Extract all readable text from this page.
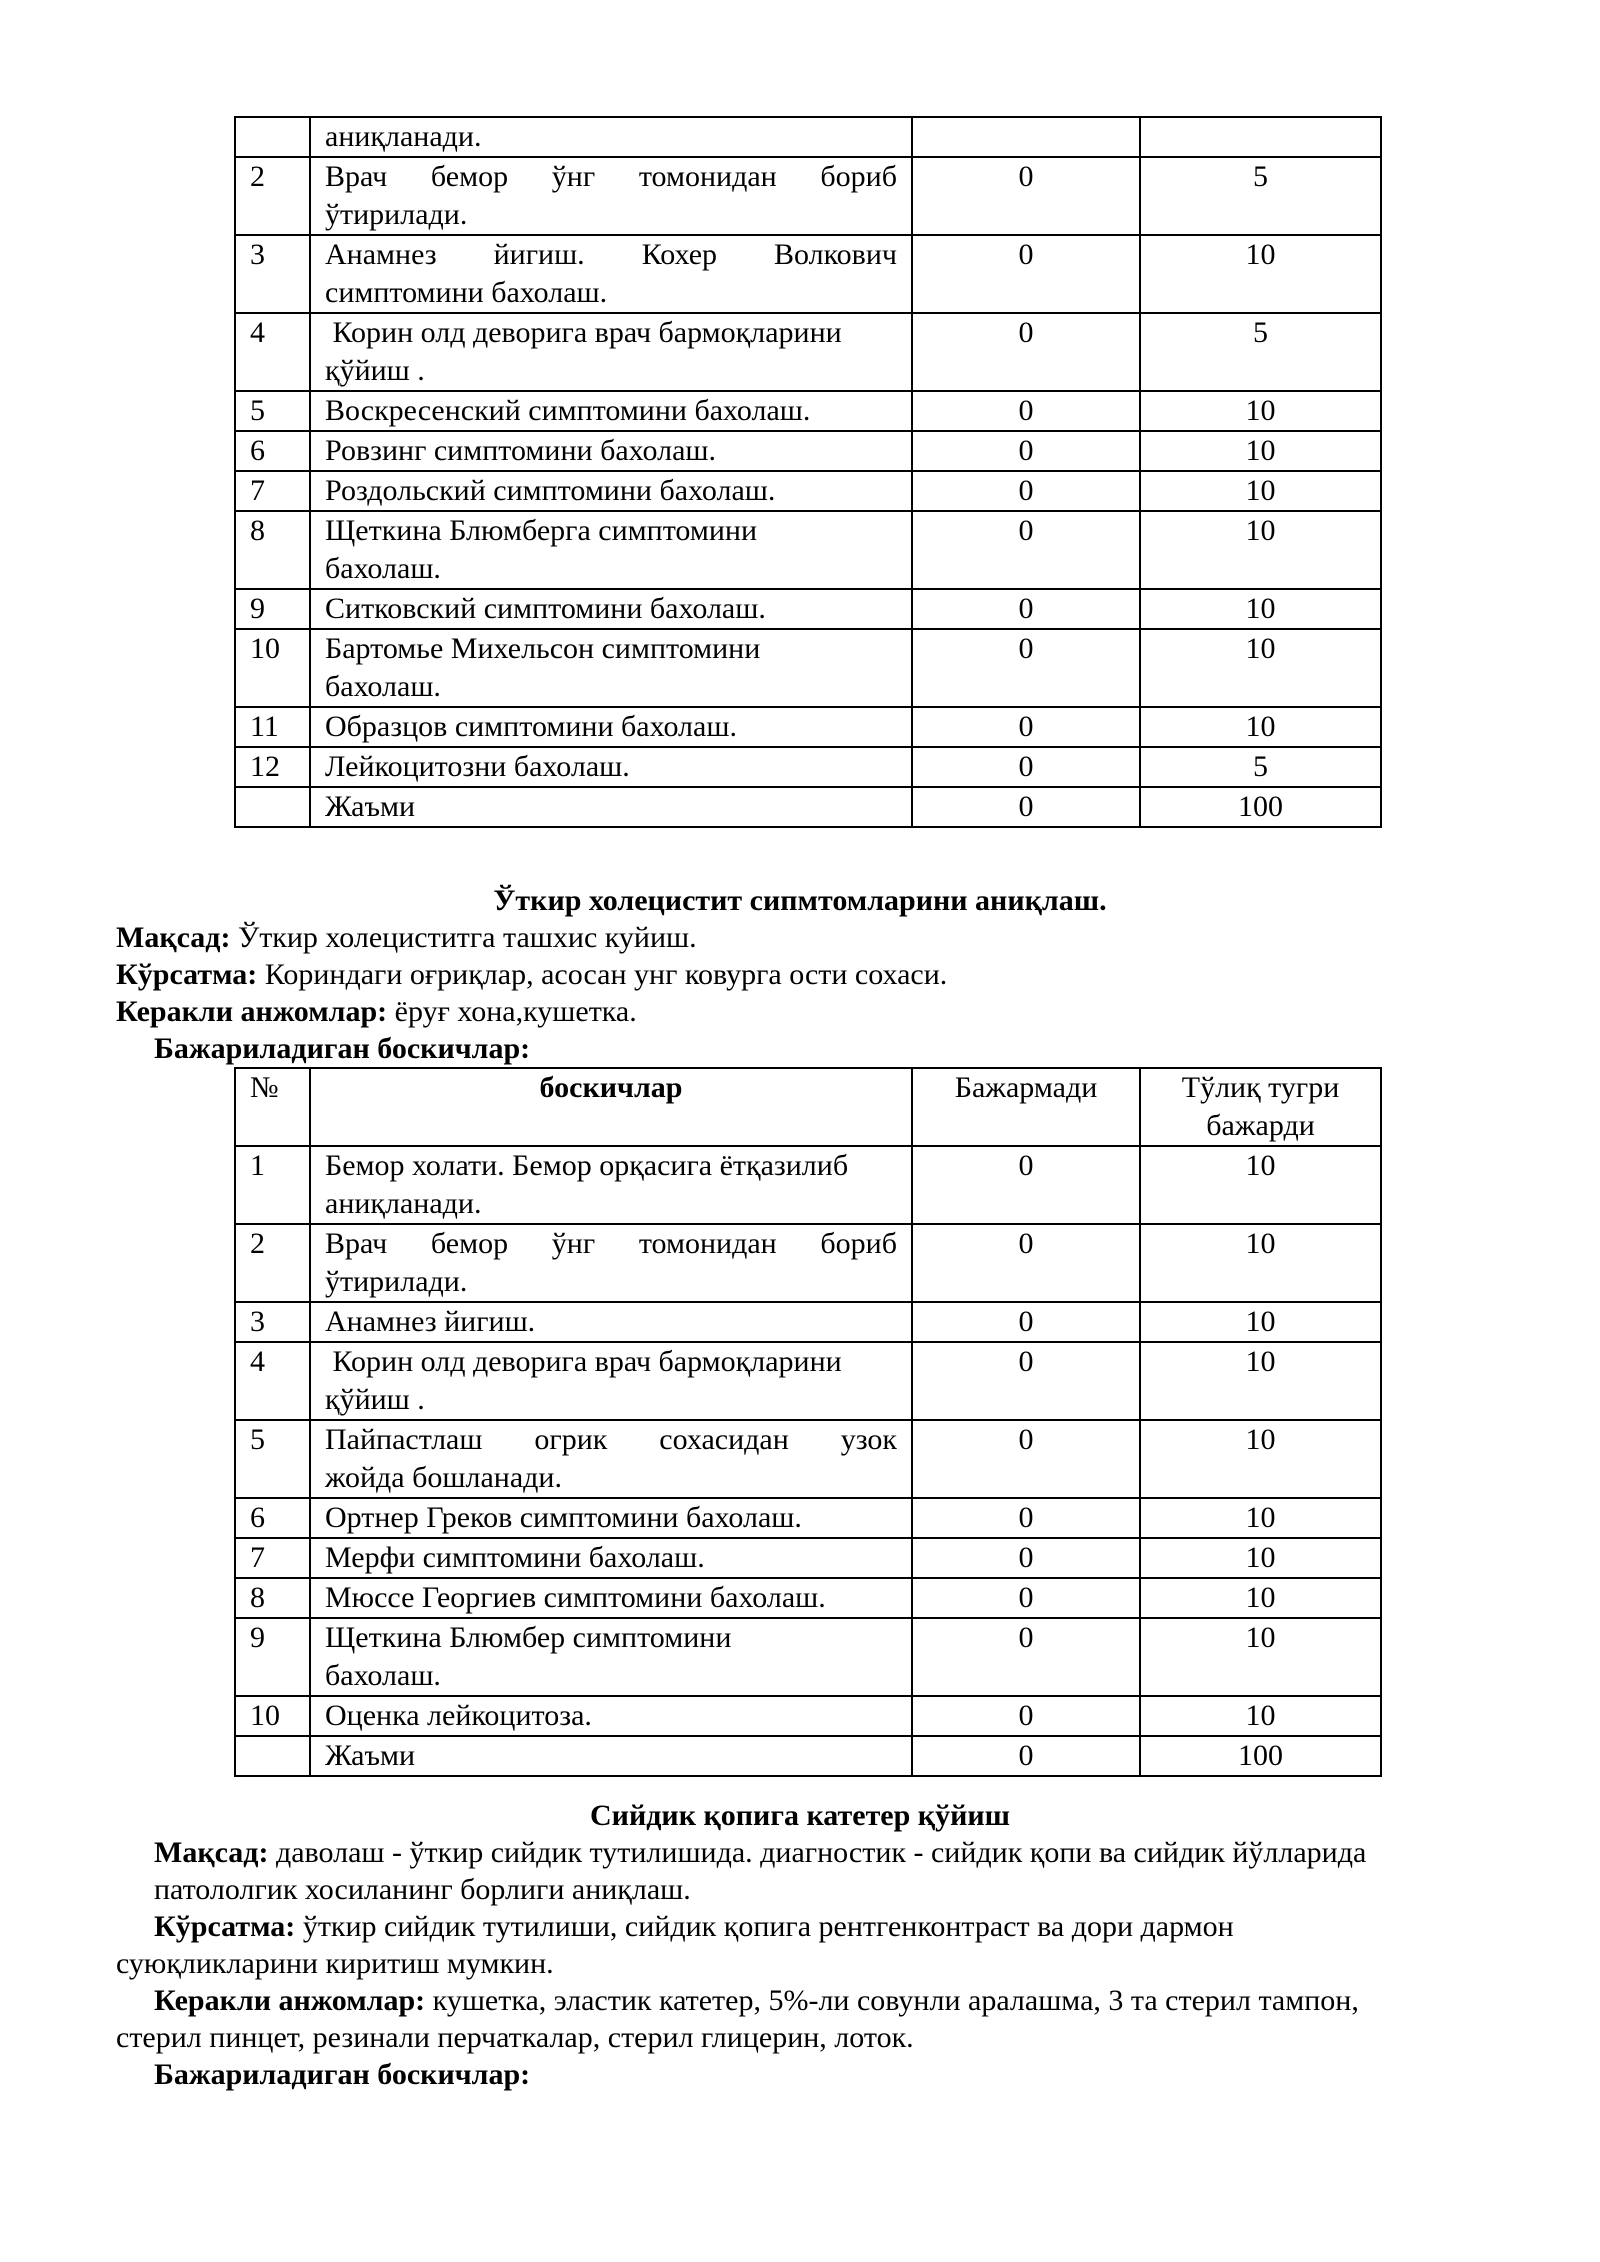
	аниқланади.		
2	Врач бемор ўнг томонидан бориб
ўтирилади.	0	5
3	Анамнез йигиш. Кохер Волкович
симптомини бахолаш.	0	10
4	Корин олд деворига врач бармоқларини
қўйиш .	0	5
5	Воскресенский симптомини бахолаш.	0	10
6	Ровзинг симптомини бахолаш.	0	10
7	Роздольский симптомини бахолаш.	0	10
8	Щеткина Блюмберга симптомини
бахолаш.	0	10
9	Ситковский симптомини бахолаш.	0	10
10	Бартомье Михельсон симптомини
бахолаш.	0	10
11	Образцов симптомини бахолаш.	0	10
12	Лейкоцитозни бахолаш.	0	5
	Жаъми	0	100
Ўткир холецистит сипмтомларини аниқлаш.
Мақсад: Ўткир холециститга ташхис куйиш.
Кўрсатма: Кориндаги оғриқлар, асосан унг ковурга ости сохаси.
Керакли анжомлар: ёруғ хона,кушетка.
Бажариладиган боскичлар:
№	боскичлар	Бажармади	Тўлиқ тугри
бажарди

1	Бемор холати. Бемор орқасига ётқазилиб
аниқланади.	0	10
2	Врач бемор ўнг томонидан бориб
ўтирилади.	0	10
3	Анамнез йигиш.	0	10
4	Корин олд деворига врач бармоқларини
қўйиш .	0	10
5	Пайпастлаш огрик сохасидан узок
жойда бошланади.	0	10
6	Ортнер Греков симптомини бахолаш.	0	10
7	Мерфи симптомини бахолаш.	0	10
8	Мюссе Георгиев симптомини бахолаш.	0	10
9	Щеткина Блюмбер симптомини
бахолаш.	0	10
10	Оценка лейкоцитоза.	0	10
	Жаъми	0	100
Сийдик қопига катетер қўйиш
Мақсад: даволаш - ўткир сийдик тутилишида. диагностик - сийдик қопи ва сийдик йўлларида
патололгик хосиланинг борлиги аниқлаш.
Кўрсатма: ўткир сийдик тутилиши, сийдик қопига рентгенконтраст ва дори дармон
суюқликларини киритиш мумкин.
Керакли анжомлар: кушетка, эластик катетер, 5%-ли совунли аралашма, 3 та стерил тампон,
стерил пинцет, резинали перчаткалар, стерил глицерин, лоток.
Бажариладиган боскичлар:
